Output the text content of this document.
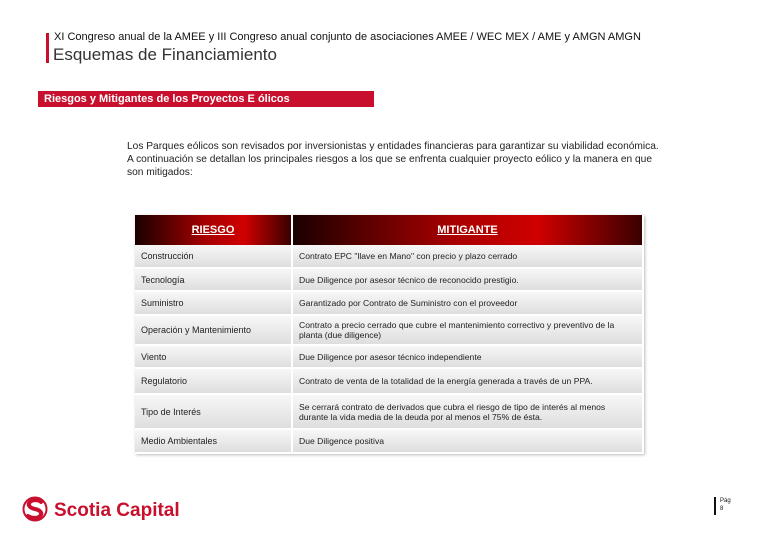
XI Congreso anual de la AMEE y III Congreso anual conjunto de asociaciones AMEE / WEC MEX / AME y AMGN AMGN
Esquemas de Financiamiento
Riesgos y Mitigantes de los Proyectos E ólicos
Los Parques eólicos son revisados por inversionistas y entidades financieras para garantizar su viabilidad económica. A continuación se detallan los principales riesgos a los que se enfrenta cualquier proyecto eólico y la manera en que son mitigados:
RIESGO	MITIGANTE
Construcción	Contrato EPC "llave en Mano" con precio y plazo cerrado
Tecnología	Due Diligence por asesor técnico de reconocido prestigio.
Suministro	Garantizado por Contrato de Suministro con el proveedor
Operación y Mantenimiento	Contrato a precio cerrado que cubre el mantenimiento correctivo y preventivo de la planta (due diligence)
Viento	Due Diligence por asesor técnico independiente
Regulatorio	Contrato de venta de la totalidad de la energía generada a través de un PPA.
Tipo de Interés	Se cerrará contrato de derivados que cubra el riesgo de tipo de interés al menos durante la vida media de la deuda por al menos el 75% de ésta.
Medio Ambientales	Due Diligence positiva
Scotia Capital	Pág
8
